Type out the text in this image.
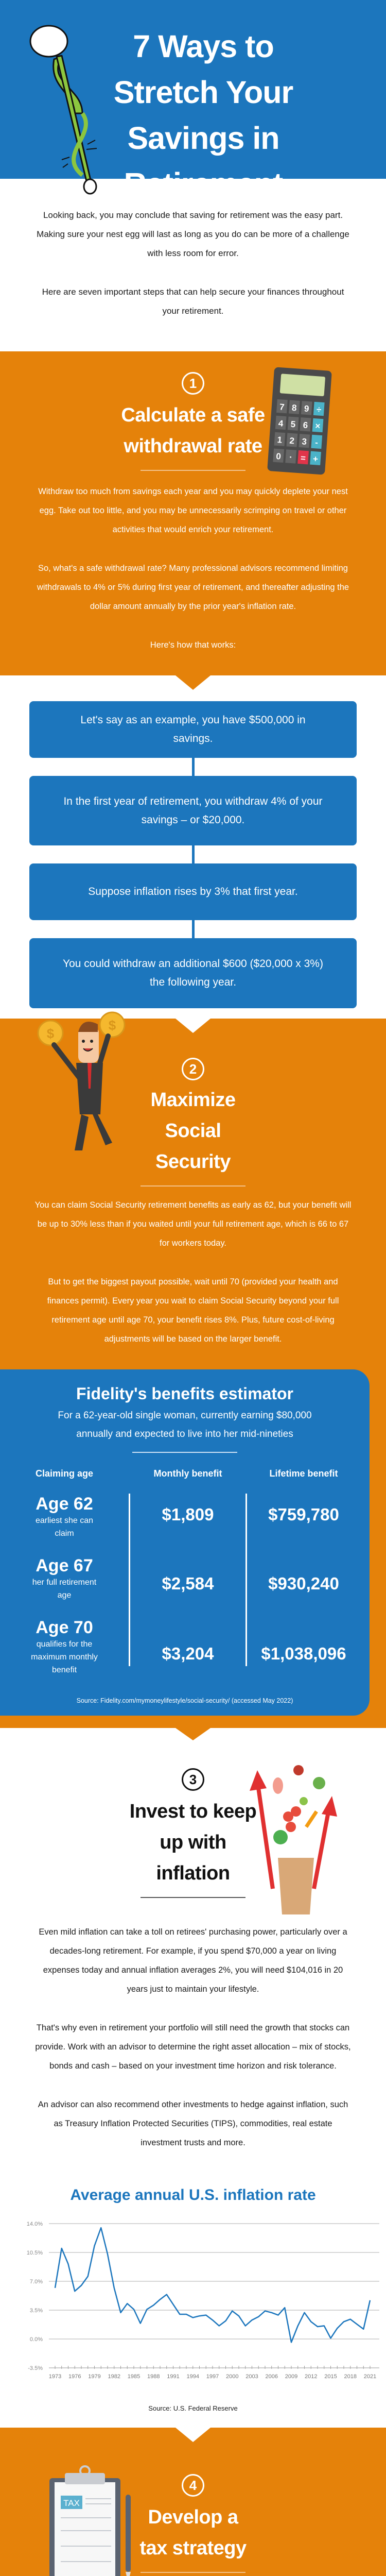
7 Ways to Stretch Your Savings in Retirement

Looking back, you may conclude that saving for retirement was the easy part. Making sure your nest egg will last as long as you do can be more of a challenge with less room for error.

Here are seven important steps that can help secure your finances throughout your retirement.

1
Calculate a safe withdrawal rate
7 8 9 ÷
4 5 6 ×
1 2 3 -
0 · = +

Withdraw too much from savings each year and you may quickly deplete your nest egg. Take out too little, and you may be unnecessarily scrimping on travel or other activities that would enrich your retirement.

So, what's a safe withdrawal rate? Many professional advisors recommend limiting withdrawals to 4% or 5% during first year of retirement, and thereafter adjusting the dollar amount annually by the prior year's inflation rate.

Here's how that works:

Let's say as an example, you have $500,000 in savings.
In the first year of retirement, you withdraw 4% of your savings – or $20,000.
Suppose inflation rises by 3% that first year.
You could withdraw an additional $600 ($20,000 x 3%) the following year.
$
$
2
Maximize Social Security

You can claim Social Security retirement benefits as early as 62, but your benefit will be up to 30% less than if you waited until your full retirement age, which is 66 to 67 for workers today.

But to get the biggest payout possible, wait until 70 (provided your health and finances permit). Every year you wait to claim Social Security beyond your full retirement age until age 70, your benefit rises 8%. Plus, future cost-of-living adjustments will be based on the larger benefit.

Fidelity's benefits estimator

For a 62-year-old single woman, currently earning $80,000 annually and expected to live into her mid-nineties

Claiming age	Monthly benefit	Lifetime benefit
Age 62
earliest she can claim
Age 67
her full retirement age
Age 70
qualifies for the maximum monthly benefit
$1,809
$2,584
$3,204
$759,780
$930,240
$1,038,096

Source: Fidelity.com/mymoneylifestyle/social-security/ (accessed May 2022)

3
Invest to keep up with inflation

Even mild inflation can take a toll on retirees' purchasing power, particularly over a decades-long retirement. For example, if you spend $70,000 a year on living expenses today and annual inflation averages 2%, you will need $104,016 in 20 years just to maintain your lifestyle.

That's why even in retirement your portfolio will still need the growth that stocks can provide. Work with an advisor to determine the right asset allocation – mix of stocks, bonds and cash – based on your investment time horizon and risk tolerance.

An advisor can also recommend other investments to hedge against inflation, such as Treasury Inflation Protected Securities (TIPS), commodities, real estate investment trusts and more.

Average annual U.S. inflation rate
14.0%
10.5%
7.0%
3.5%
0.0%
-3.5%
1973 1976 1979 1982 1985 1988 1991 1994 1997 2000 2003 2006 2009 2012 2015 2018 2021

Source: U.S. Federal Reserve

TAX
4
Develop a tax strategy
